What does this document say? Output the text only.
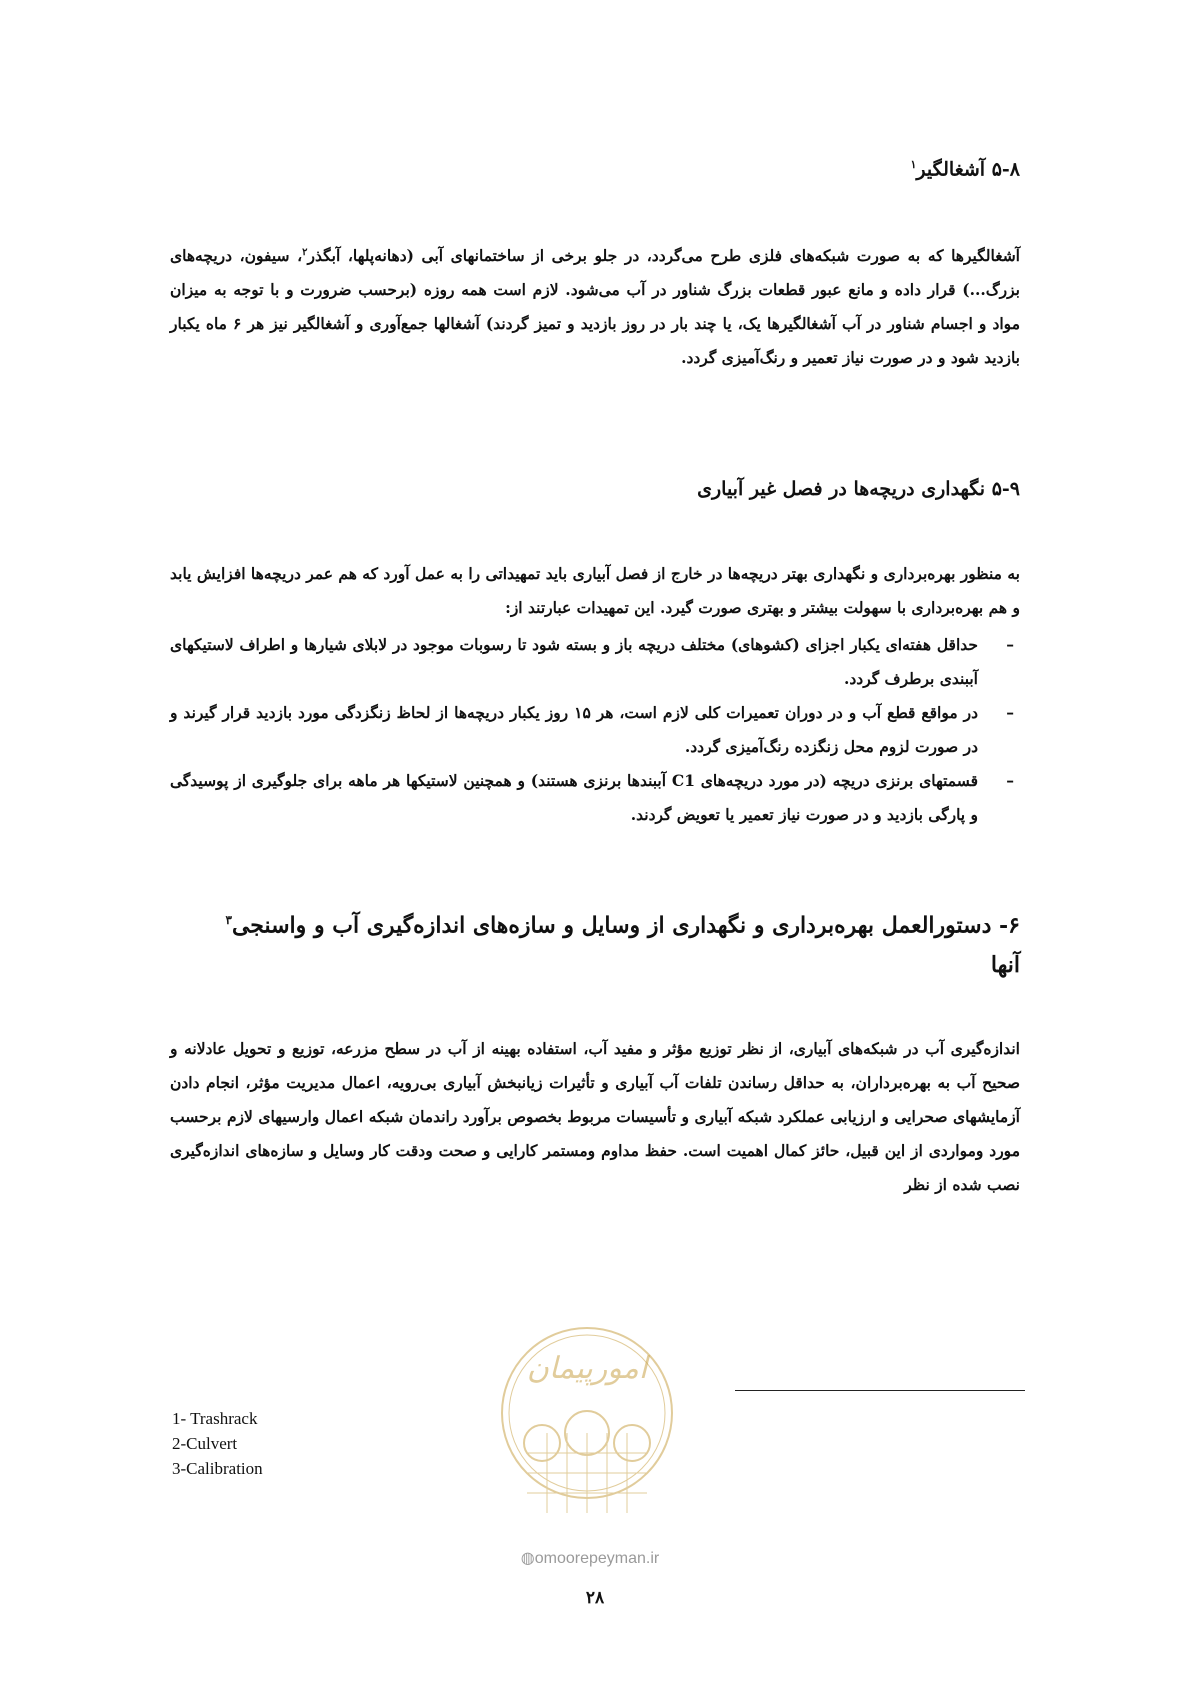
۵-۸ آشغالگیر$^۱$
آشغالگیرها که به صورت شبکه‌های فلزی طرح می‌گردد، در جلو برخی از ساختمانهای آبی (دهانه‌پلها، آبگذر$^۲$، سیفون، دریچه‌های بزرگ...) قرار داده و مانع عبور قطعات بزرگ شناور در آب می‌شود. لازم است همه روزه (برحسب ضرورت و با توجه به میزان مواد و اجسام شناور در آب آشغالگیرها یک، یا چند بار در روز بازدید و تمیز گردند) آشغالها جمع‌آوری و آشغالگیر نیز هر ۶ ماه یکبار بازدید شود و در صورت نیاز تعمیر و رنگ‌آمیزی گردد.
۵-۹ نگهداری دریچه‌ها در فصل غیر آبیاری
به منظور بهره‌برداری و نگهداری بهتر دریچه‌ها در خارج از فصل آبیاری باید تمهیداتی را به عمل آورد که هم عمر دریچه‌ها افزایش یابد و هم بهره‌برداری با سهولت بیشتر و بهتری صورت گیرد. این تمهیدات عبارتند از:
–
حداقل هفته‌ای یکبار اجزای (کشوهای) مختلف دریچه باز و بسته شود تا رسوبات موجود در لابلای شیارها و اطراف لاستیکهای آببندی برطرف گردد.
–
در مواقع قطع آب و در دوران تعمیرات کلی لازم است، هر ۱۵ روز یکبار دریچه‌ها از لحاظ زنگزدگی مورد بازدید قرار گیرند و در صورت لزوم محل زنگزده رنگ‌آمیزی گردد.
–
قسمتهای برنزی دریچه (در مورد دریچه‌های C1 آببندها برنزی هستند) و همچنین لاستیکها هر ماهه برای جلوگیری از پوسیدگی و پارگی بازدید و در صورت نیاز تعمیر یا تعویض گردند.
۶- دستورالعمل بهره‌برداری و نگهداری از وسایل و سازه‌های اندازه‌گیری آب و واسنجی$^۳$
آنها
اندازه‌گیری آب در شبکه‌های آبیاری، از نظر توزیع مؤثر و مفید آب، استفاده بهینه از آب در سطح مزرعه، توزیع و تحویل عادلانه و صحیح آب به بهره‌برداران، به حداقل رساندن تلفات آب آبیاری و تأثیرات زیانبخش آبیاری بی‌رویه، اعمال مدیریت مؤثر، انجام دادن آزمایشهای صحرایی و ارزیابی عملکرد شبکه آبیاری و تأسیسات مربوط بخصوص برآورد راندمان شبکه اعمال وارسیهای لازم برحسب مورد ومواردی از این قبیل، حائز کمال اهمیت است. حفظ مداوم ومستمر کارایی و صحت ودقت کار وسایل و سازه‌های اندازه‌گیری نصب شده از نظر
1- Trashrack
2-Culvert
3-Calibration
امورپیمان
◍omoorepeyman.ir
۲۸
